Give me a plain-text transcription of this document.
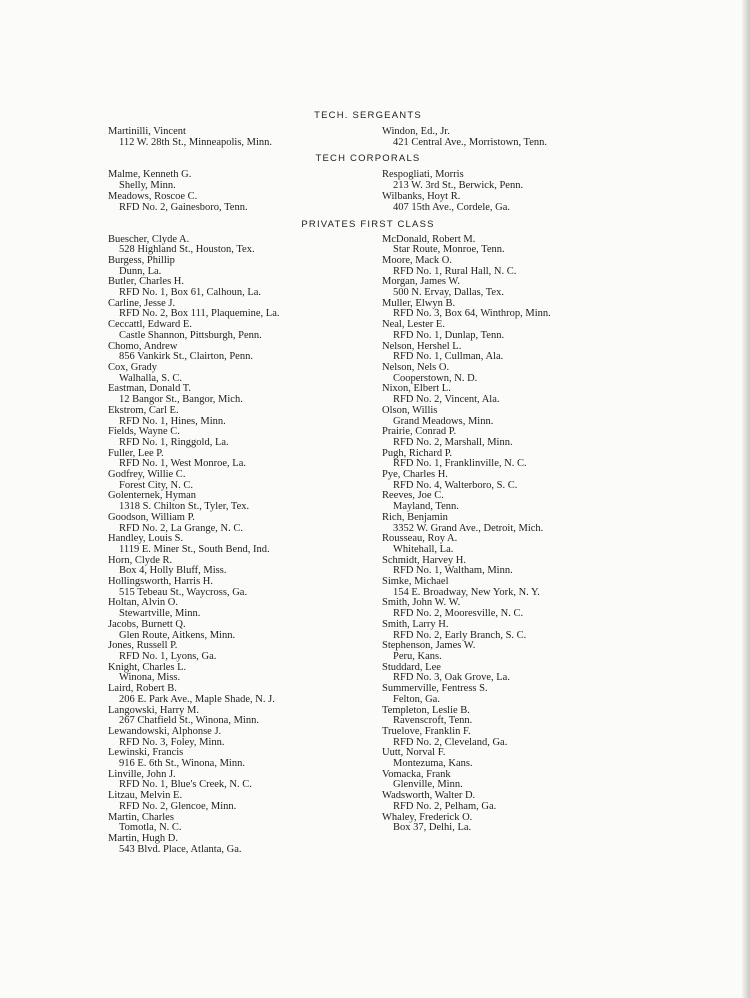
TECH. SERGEANTS
Martinilli, Vincent
112 W. 28th St., Minneapolis, Minn.
Windon, Ed., Jr.
421 Central Ave., Morristown, Tenn.
TECH CORPORALS
Malme, Kenneth G.
Shelly, Minn.
Meadows, Roscoe C.
RFD No. 2, Gainesboro, Tenn.
Respogliati, Morris
213 W. 3rd St., Berwick, Penn.
Wilbanks, Hoyt R.
407 15th Ave., Cordele, Ga.
PRIVATES FIRST CLASS
Buescher, Clyde A.
528 Highland St., Houston, Tex.
Burgess, Phillip
Dunn, La.
Butler, Charles H.
RFD No. 1, Box 61, Calhoun, La.
Carline, Jesse J.
RFD No. 2, Box 111, Plaquemine, La.
Ceccattl, Edward E.
Castle Shannon, Pittsburgh, Penn.
Chomo, Andrew
856 Vankirk St., Clairton, Penn.
Cox, Grady
Walhalla, S. C.
Eastman, Donald T.
12 Bangor St., Bangor, Mich.
Ekstrom, Carl E.
RFD No. 1, Hines, Minn.
Fields, Wayne C.
RFD No. 1, Ringgold, La.
Fuller, Lee P.
RFD No. 1, West Monroe, La.
Godfrey, Willie C.
Forest City, N. C.
Golenternek, Hyman
1318 S. Chilton St., Tyler, Tex.
Goodson, William P.
RFD No. 2, La Grange, N. C.
Handley, Louis S.
1119 E. Miner St., South Bend, Ind.
Horn, Clyde R.
Box 4, Holly Bluff, Miss.
Hollingsworth, Harris H.
515 Tebeau St., Waycross, Ga.
Holtan, Alvin O.
Stewartville, Minn.
Jacobs, Burnett Q.
Glen Route, Aitkens, Minn.
Jones, Russell P.
RFD No. 1, Lyons, Ga.
Knight, Charles L.
Winona, Miss.
Laird, Robert B.
206 E. Park Ave., Maple Shade, N. J.
Langowski, Harry M.
267 Chatfield St., Winona, Minn.
Lewandowski, Alphonse J.
RFD No. 3, Foley, Minn.
Lewinski, Francis
916 E. 6th St., Winona, Minn.
Linville, John J.
RFD No. 1, Blue's Creek, N. C.
Litzau, Melvin E.
RFD No. 2, Glencoe, Minn.
Martin, Charles
Tomotla, N. C.
Martin, Hugh D.
543 Blvd. Place, Atlanta, Ga.
McDonald, Robert M.
Star Route, Monroe, Tenn.
Moore, Mack O.
RFD No. 1, Rural Hall, N. C.
Morgan, James W.
500 N. Ervay, Dallas, Tex.
Muller, Elwyn B.
RFD No. 3, Box 64, Winthrop, Minn.
Neal, Lester E.
RFD No. 1, Dunlap, Tenn.
Nelson, Hershel L.
RFD No. 1, Cullman, Ala.
Nelson, Nels O.
Cooperstown, N. D.
Nixon, Elbert L.
RFD No. 2, Vincent, Ala.
Olson, Willis
Grand Meadows, Minn.
Prairie, Conrad P.
RFD No. 2, Marshall, Minn.
Pugh, Richard P.
RFD No. 1, Franklinville, N. C.
Pye, Charles H.
RFD No. 4, Walterboro, S. C.
Reeves, Joe C.
Mayland, Tenn.
Rich, Benjamin
3352 W. Grand Ave., Detroit, Mich.
Rousseau, Roy A.
Whitehall, La.
Schmidt, Harvey H.
RFD No. 1, Waltham, Minn.
Simke, Michael
154 E. Broadway, New York, N. Y.
Smith, John W. W.
RFD No. 2, Mooresville, N. C.
Smith, Larry H.
RFD No. 2, Early Branch, S. C.
Stephenson, James W.
Peru, Kans.
Studdard, Lee
RFD No. 3, Oak Grove, La.
Summerville, Fentress S.
Felton, Ga.
Templeton, Leslie B.
Ravenscroft, Tenn.
Truelove, Franklin F.
RFD No. 2, Cleveland, Ga.
Uutt, Norval F.
Montezuma, Kans.
Vomacka, Frank
Glenville, Minn.
Wadsworth, Walter D.
RFD No. 2, Pelham, Ga.
Whaley, Frederick O.
Box 37, Delhi, La.
